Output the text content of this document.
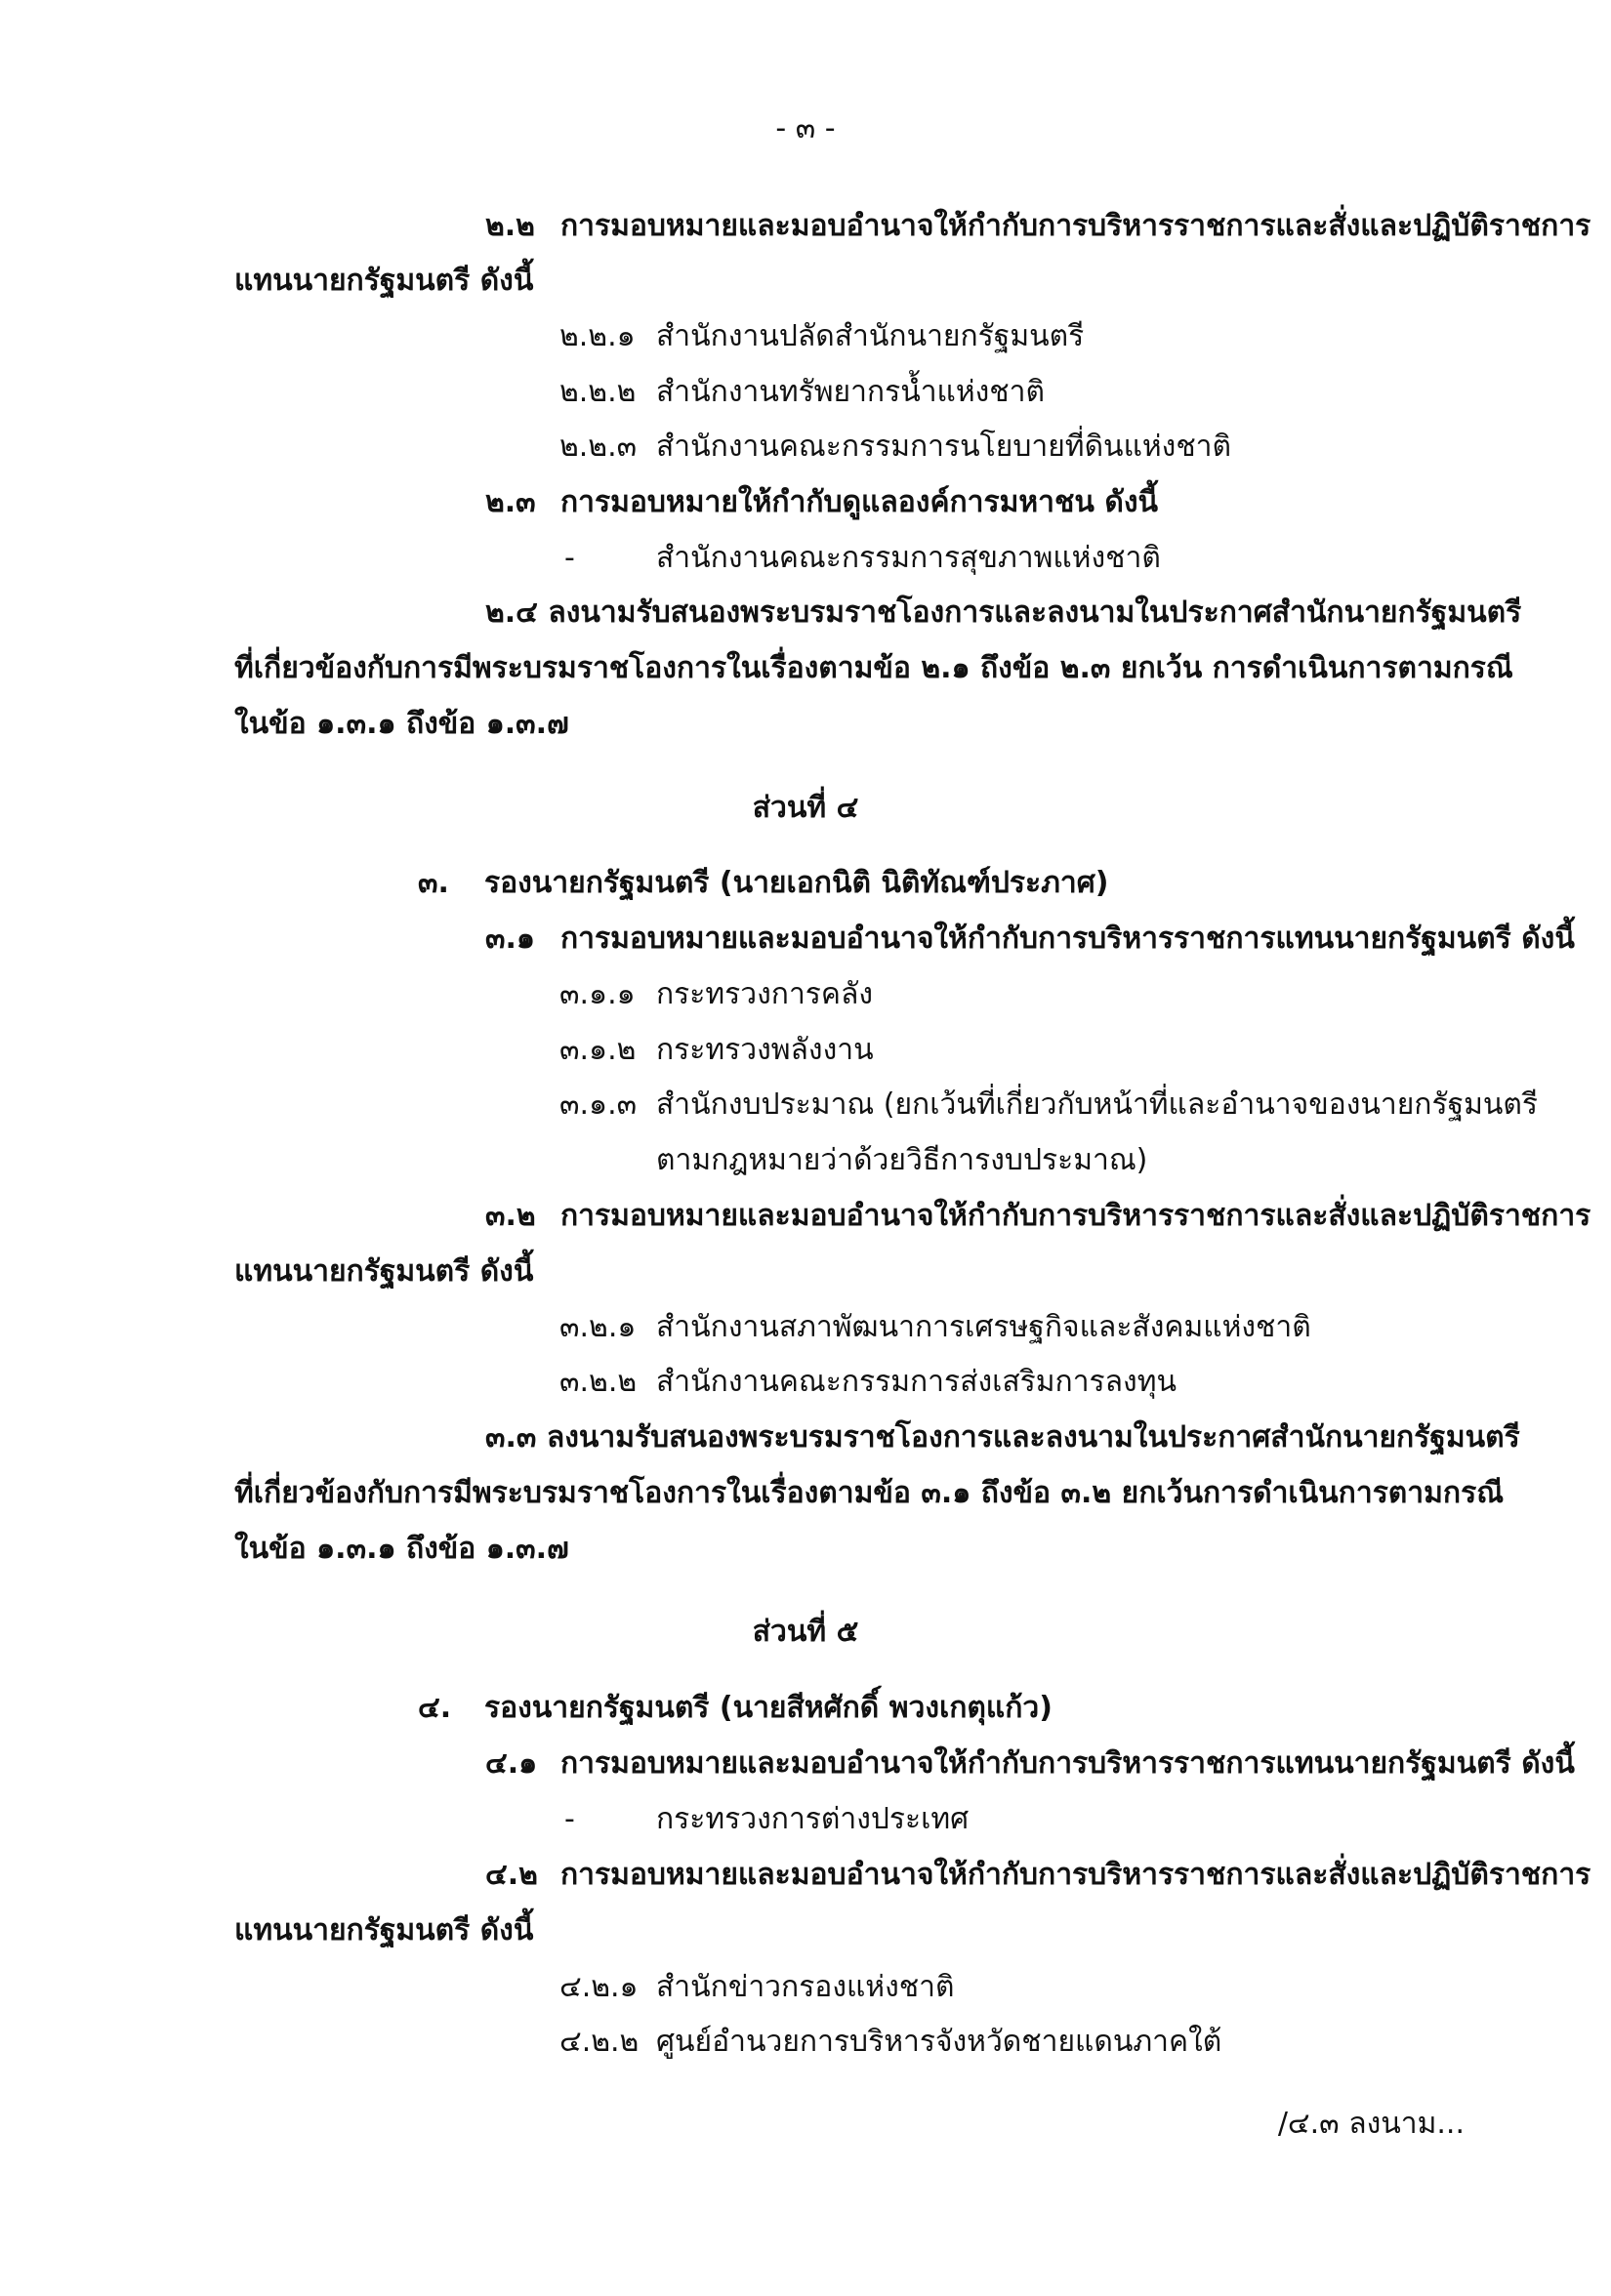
- ๓ -
๒.๒ การมอบหมายและมอบอำนาจให้กำกับการบริหารราชการและสั่งและปฏิบัติราชการ
แทนนายกรัฐมนตรี ดังนี้
๒.๒.๑ สำนักงานปลัดสำนักนายกรัฐมนตรี
๒.๒.๒ สำนักงานทรัพยากรน้ำแห่งชาติ
๒.๒.๓ สำนักงานคณะกรรมการนโยบายที่ดินแห่งชาติ
๒.๓ การมอบหมายให้กำกับดูแลองค์การมหาชน ดังนี้
-	สำนักงานคณะกรรมการสุขภาพแห่งชาติ
๒.๔ ลงนามรับสนองพระบรมราชโองการและลงนามในประกาศสำนักนายกรัฐมนตรี
ที่เกี่ยวข้องกับการมีพระบรมราชโองการในเรื่องตามข้อ ๒.๑ ถึงข้อ ๒.๓ ยกเว้น การดำเนินการตามกรณี
ในข้อ ๑.๓.๑ ถึงข้อ ๑.๓.๗
ส่วนที่ ๔
๓. รองนายกรัฐมนตรี (นายเอกนิติ นิติทัณฑ์ประภาศ)
๓.๑ การมอบหมายและมอบอำนาจให้กำกับการบริหารราชการแทนนายกรัฐมนตรี ดังนี้
๓.๑.๑ กระทรวงการคลัง
๓.๑.๒ กระทรวงพลังงาน
๓.๑.๓ สำนักงบประมาณ (ยกเว้นที่เกี่ยวกับหน้าที่และอำนาจของนายกรัฐมนตรี
ตามกฎหมายว่าด้วยวิธีการงบประมาณ)
๓.๒ การมอบหมายและมอบอำนาจให้กำกับการบริหารราชการและสั่งและปฏิบัติราชการ
แทนนายกรัฐมนตรี ดังนี้
๓.๒.๑ สำนักงานสภาพัฒนาการเศรษฐกิจและสังคมแห่งชาติ
๓.๒.๒ สำนักงานคณะกรรมการส่งเสริมการลงทุน
๓.๓ ลงนามรับสนองพระบรมราชโองการและลงนามในประกาศสำนักนายกรัฐมนตรี
ที่เกี่ยวข้องกับการมีพระบรมราชโองการในเรื่องตามข้อ ๓.๑ ถึงข้อ ๓.๒ ยกเว้นการดำเนินการตามกรณี
ในข้อ ๑.๓.๑ ถึงข้อ ๑.๓.๗
ส่วนที่ ๕
๔. รองนายกรัฐมนตรี (นายสีหศักดิ์ พวงเกตุแก้ว)
๔.๑ การมอบหมายและมอบอำนาจให้กำกับการบริหารราชการแทนนายกรัฐมนตรี ดังนี้
-	กระทรวงการต่างประเทศ
๔.๒ การมอบหมายและมอบอำนาจให้กำกับการบริหารราชการและสั่งและปฏิบัติราชการ
แทนนายกรัฐมนตรี ดังนี้
๔.๒.๑ สำนักข่าวกรองแห่งชาติ
๔.๒.๒ ศูนย์อำนวยการบริหารจังหวัดชายแดนภาคใต้
/๔.๓ ลงนาม...
